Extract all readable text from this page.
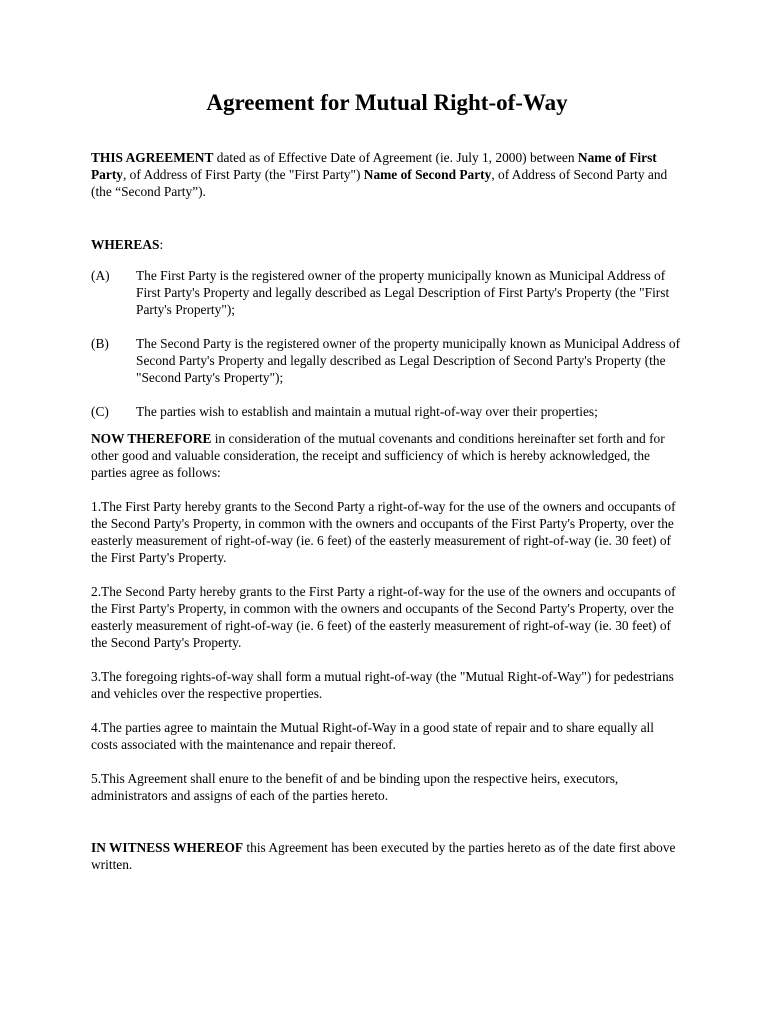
Agreement for Mutual Right-of-Way

THIS AGREEMENT dated as of Effective Date of Agreement (ie. July 1, 2000) between Name of First Party, of Address of First Party (the "First Party") Name of Second Party, of Address of Second Party and (the “Second Party”).

WHEREAS:

(A)	The First Party is the registered owner of the property municipally known as Municipal Address of First Party's Property and legally described as Legal Description of First Party's Property (the "First Party's Property");
(B)	The Second Party is the registered owner of the property municipally known as Municipal Address of Second Party's Property and legally described as Legal Description of Second Party's Property (the "Second Party's Property");
(C)	The parties wish to establish and maintain a mutual right-of-way over their properties;

NOW THEREFORE in consideration of the mutual covenants and conditions hereinafter set forth and for other good and valuable consideration, the receipt and sufficiency of which is hereby acknowledged, the parties agree as follows:

1.The First Party hereby grants to the Second Party a right-of-way for the use of the owners and occupants of the Second Party's Property, in common with the owners and occupants of the First Party's Property, over the easterly measurement of right-of-way (ie. 6 feet) of the easterly measurement of right-of-way (ie. 30 feet) of the First Party's Property.

2.The Second Party hereby grants to the First Party a right-of-way for the use of the owners and occupants of the First Party's Property, in common with the owners and occupants of the Second Party's Property, over the easterly measurement of right-of-way (ie. 6 feet) of the easterly measurement of right-of-way (ie. 30 feet) of the Second Party's Property.

3.The foregoing rights-of-way shall form a mutual right-of-way (the "Mutual Right-of-Way") for pedestrians and vehicles over the respective properties.

4.The parties agree to maintain the Mutual Right-of-Way in a good state of repair and to share equally all costs associated with the maintenance and repair thereof.

5.This Agreement shall enure to the benefit of and be binding upon the respective heirs, executors, administrators and assigns of each of the parties hereto.

IN WITNESS WHEREOF this Agreement has been executed by the parties hereto as of the date first above written.
